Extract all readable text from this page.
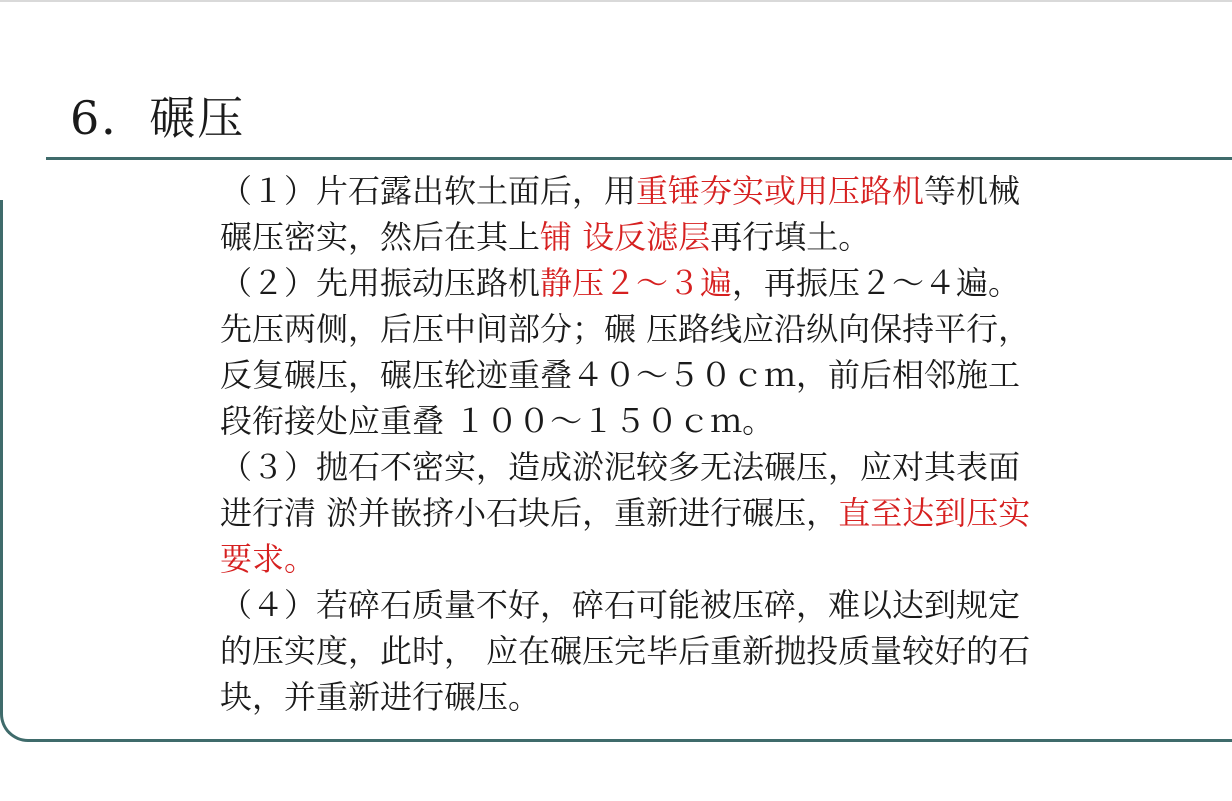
6．碾压
（１）片石露出软土面后，用重锤夯实或用压路机等机械
碾压密实，然后在其上铺 设反滤层再行填土。
（２）先用振动压路机静压２～３遍，再振压２～４遍。
先压两侧，后压中间部分；碾 压路线应沿纵向保持平行，
反复碾压，碾压轮迹重叠４０～５０ｃｍ，前后相邻施工
段衔接处应重叠 １００～１５０ｃｍ。
（３）抛石不密实，造成淤泥较多无法碾压，应对其表面
进行清 淤并嵌挤小石块后，重新进行碾压，直至达到压实
要求。
（４）若碎石质量不好，碎石可能被压碎，难以达到规定
的压实度，此时， 应在碾压完毕后重新抛投质量较好的石
块，并重新进行碾压。
